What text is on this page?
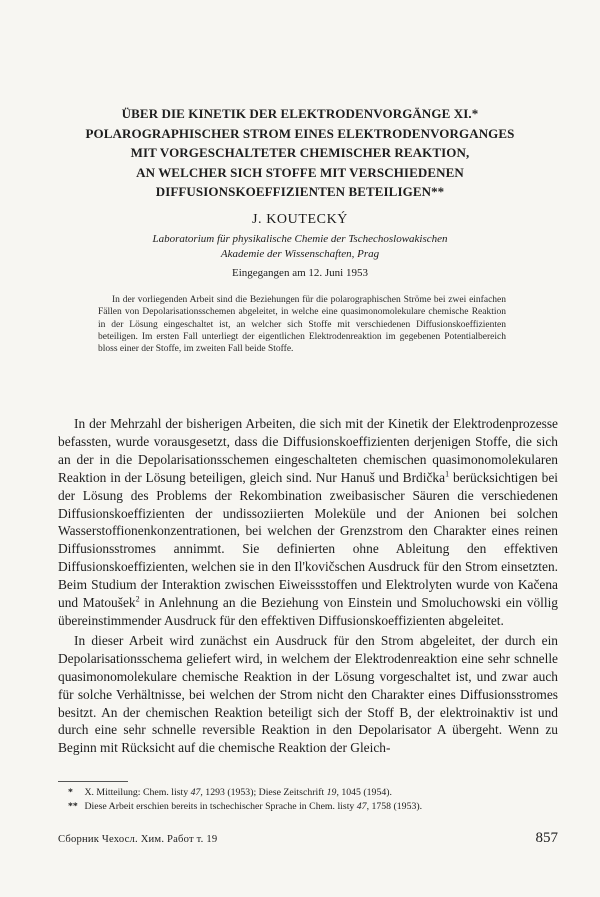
ÜBER DIE KINETIK DER ELEKTRODENVORGÄNGE XI.*
POLAROGRAPHISCHER STROM EINES ELEKTRODENVORGANGES
MIT VORGESCHALTETER CHEMISCHER REAKTION,
AN WELCHER SICH STOFFE MIT VERSCHIEDENEN
DIFFUSIONSKOEFFIZIENTEN BETEILIGEN**
J. KOUTECKÝ
Laboratorium für physikalische Chemie der Tschechoslowakischen
Akademie der Wissenschaften, Prag
Eingegangen am 12. Juni 1953
In der vorliegenden Arbeit sind die Beziehungen für die polarographischen Ströme bei zwei einfachen Fällen von Depolarisationsschemen abgeleitet, in welche eine quasimonomolekulare chemische Reaktion in der Lösung eingeschaltet ist, an welcher sich Stoffe mit verschiedenen Diffusionskoeffizienten beteiligen. Im ersten Fall unterliegt der eigentlichen Elektrodenreaktion im gegebenen Potentialbereich bloss einer der Stoffe, im zweiten Fall beide Stoffe.

In der Mehrzahl der bisherigen Arbeiten, die sich mit der Kinetik der Elektrodenprozesse befassten, wurde vorausgesetzt, dass die Diffusionskoeffizienten derjenigen Stoffe, die sich an der in die Depolarisationsschemen eingeschalteten chemischen quasimonomolekularen Reaktion in der Lösung beteiligen, gleich sind. Nur Hanuš und Brdička$^1$ berücksichtigen bei der Lösung des Problems der Rekombination zweibasischer Säuren die verschiedenen Diffusionskoeffizienten der undissoziierten Moleküle und der Anionen bei solchen Wasserstoffionenkonzentrationen, bei welchen der Grenzstrom den Charakter eines reinen Diffusionsstromes annimmt. Sie definierten ohne Ableitung den effektiven Diffusionskoeffizienten, welchen sie in den Il'kovičschen Ausdruck für den Strom einsetzten. Beim Studium der Interaktion zwischen Eiweissstoffen und Elektrolyten wurde von Kačena und Matoušek$^2$ in Anlehnung an die Beziehung von Einstein und Smoluchowski ein völlig übereinstimmender Ausdruck für den effektiven Diffusionskoeffizienten abgeleitet.

In dieser Arbeit wird zunächst ein Ausdruck für den Strom abgeleitet, der durch ein Depolarisationsschema geliefert wird, in welchem der Elektrodenreaktion eine sehr schnelle quasimonomolekulare chemische Reaktion in der Lösung vorgeschaltet ist, und zwar auch für solche Verhältnisse, bei welchen der Strom nicht den Charakter eines Diffusionsstromes besitzt. An der chemischen Reaktion beteiligt sich der Stoff B, der elektroinaktiv ist und durch eine sehr schnelle reversible Reaktion in den Depolarisator A übergeht. Wenn zu Beginn mit Rücksicht auf die chemische Reaktion der Gleich-

* X. Mitteilung: Chem. listy 47, 1293 (1953); Diese Zeitschrift 19, 1045 (1954).
** Diese Arbeit erschien bereits in tschechischer Sprache in Chem. listy 47, 1758 (1953).
Сборник Чехосл. Хим. Работ т. 19	857
